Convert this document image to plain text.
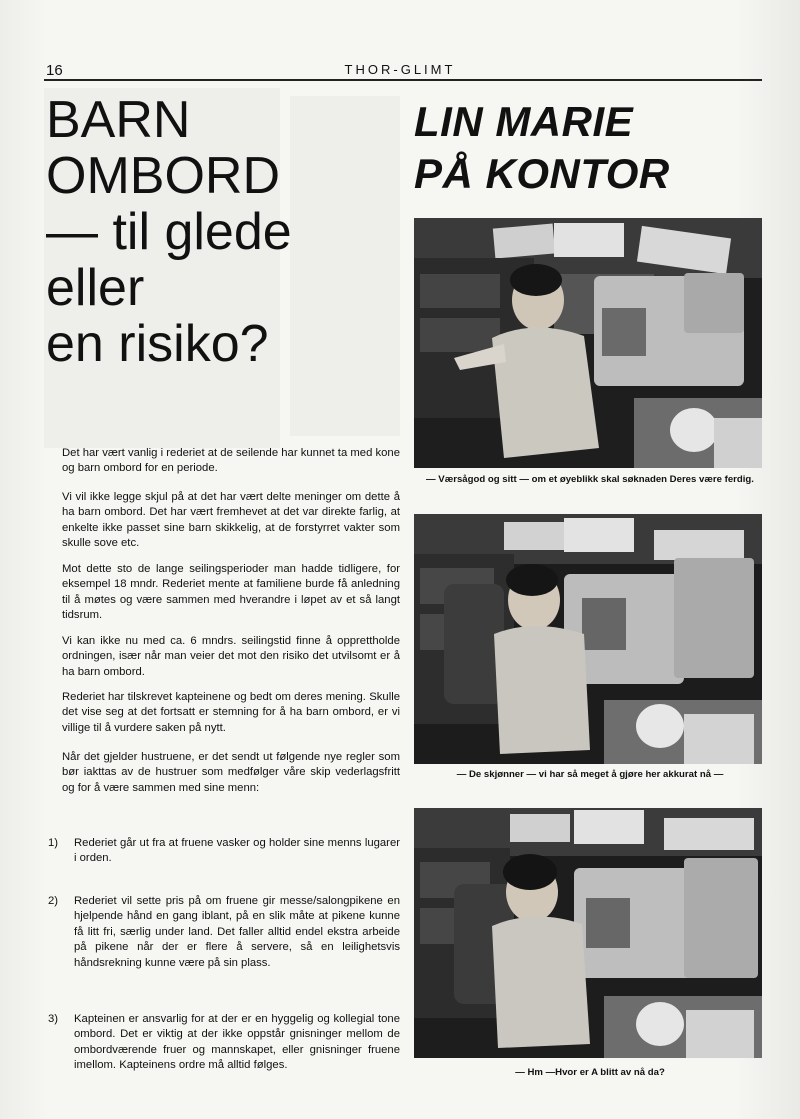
16	THOR-GLIMT
BARN
OMBORD
— til glede
eller
en risiko?

Det har vært vanlig i rederiet at de seilende har kunnet ta med kone og barn ombord for en periode.

Vi vil ikke legge skjul på at det har vært delte meninger om dette å ha barn ombord. Det har vært fremhevet at det var direkte farlig, at enkelte ikke passet sine barn skikkelig, at de forstyrret vakter som skulle sove etc.

Mot dette sto de lange seilingsperioder man hadde tidligere, for eksempel 18 mndr. Rederiet mente at familiene burde få anledning til å møtes og være sammen med hverandre i løpet av et så langt tidsrum.

Vi kan ikke nu med ca. 6 mndrs. seilingstid finne å opprettholde ordningen, især når man veier det mot den risiko det utvilsomt er å ha barn ombord.

Rederiet har tilskrevet kapteinene og bedt om deres mening. Skulle det vise seg at det fortsatt er stemning for å ha barn ombord, er vi villige til å vurdere saken på nytt.

Når det gjelder hustruene, er det sendt ut følgende nye regler som bør iakttas av de hustruer som medfølger våre skip vederlagsfritt og for å være sammen med sine menn:

1) Rederiet går ut fra at fruene vasker og holder sine menns lugarer i orden.
2) Rederiet vil sette pris på om fruene gir messe/salongpikene en hjelpende hånd en gang iblant, på en slik måte at pikene kunne få litt fri, særlig under land. Det faller alltid endel ekstra arbeide på pikene når der er flere å servere, så en leilighetsvis håndsrekning kunne være på sin plass.
3) Kapteinen er ansvarlig for at der er en hyggelig og kollegial tone ombord. Det er viktig at der ikke oppstår gnisninger mellom de ombordværende fruer og mannskapet, eller gnisninger fruene imellom. Kapteinens ordre må alltid følges.
LIN MARIE
PÅ KONTOR
— Værsågod og sitt — om et øyeblikk skal søknaden Deres være ferdig.
— De skjønner — vi har så meget å gjøre her akkurat nå —
— Hm —Hvor er A blitt av nå da?
